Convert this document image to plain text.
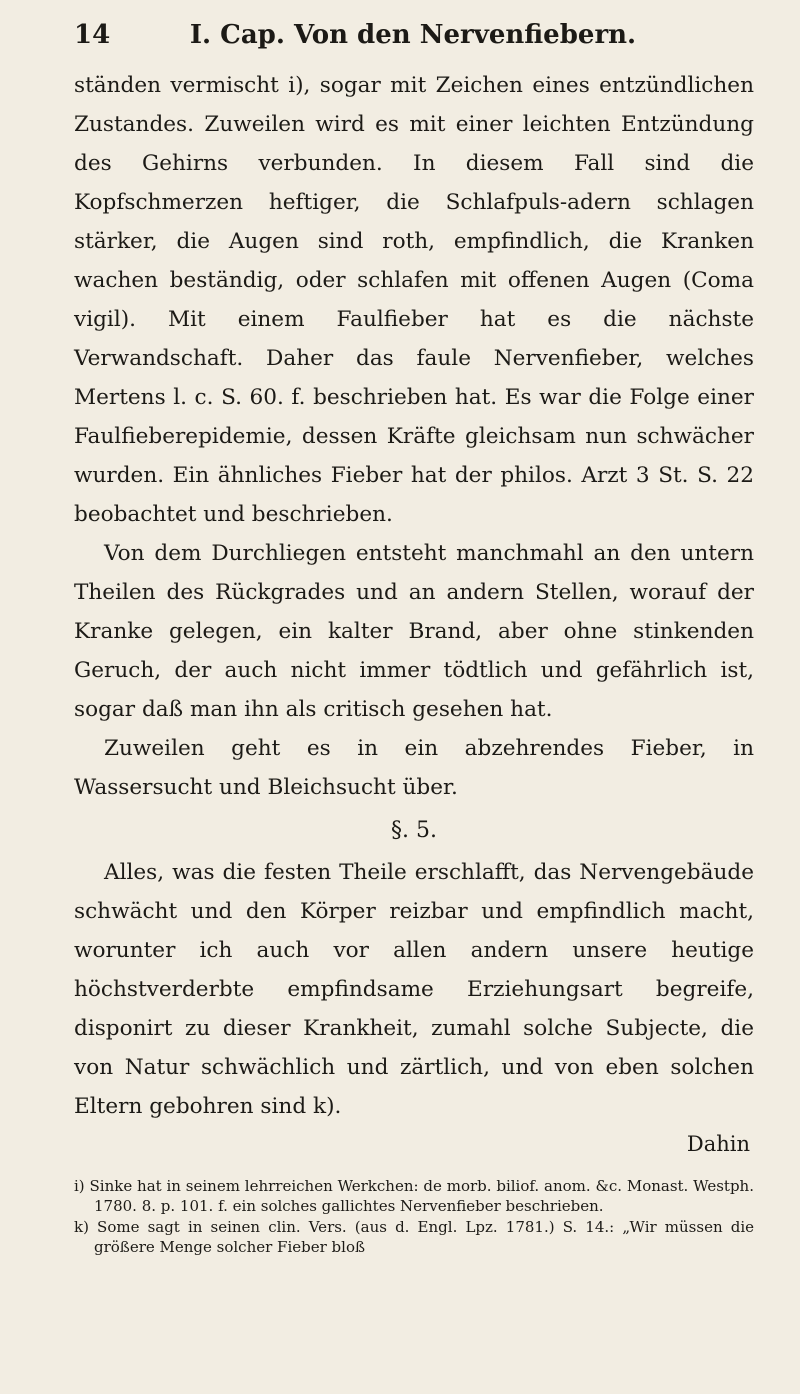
14	I. Cap. Von den Nervenfiebern.

ständen vermischt i), sogar mit Zeichen eines entzündlichen Zustandes. Zuweilen wird es mit einer leichten Entzündung des Gehirns verbunden. In diesem Fall sind die Kopfschmerzen heftiger, die Schlafpuls-adern schlagen stärker, die Augen sind roth, empfindlich, die Kranken wachen beständig, oder schlafen mit offenen Augen (Coma vigil). Mit einem Faulfieber hat es die nächste Verwandschaft. Daher das faule Nervenfieber, welches Mertens l. c. S. 60. f. beschrieben hat. Es war die Folge einer Faulfieberepidemie, dessen Kräfte gleichsam nun schwächer wurden. Ein ähnliches Fieber hat der philos. Arzt 3 St. S. 22 beobachtet und beschrieben.

Von dem Durchliegen entsteht manchmahl an den untern Theilen des Rückgrades und an andern Stellen, worauf der Kranke gelegen, ein kalter Brand, aber ohne stinkenden Geruch, der auch nicht immer tödtlich und gefährlich ist, sogar daß man ihn als critisch gesehen hat.

Zuweilen geht es in ein abzehrendes Fieber, in Wassersucht und Bleichsucht über.

§. 5.

Alles, was die festen Theile erschlafft, das Nervengebäude schwächt und den Körper reizbar und empfindlich macht, worunter ich auch vor allen andern unsere heutige höchstverderbte empfindsame Erziehungsart begreife, disponirt zu dieser Krankheit, zumahl solche Subjecte, die von Natur schwächlich und zärtlich, und von eben solchen Eltern gebohren sind k).

Dahin

i) Sinke hat in seinem lehrreichen Werkchen: de morb. biliof. anom. &c. Monast. Westph. 1780. 8. p. 101. f. ein solches gallichtes Nervenfieber beschrieben.

k) Some sagt in seinen clin. Vers. (aus d. Engl. Lpz. 1781.) S. 14.: „Wir müssen die größere Menge solcher Fieber bloß
